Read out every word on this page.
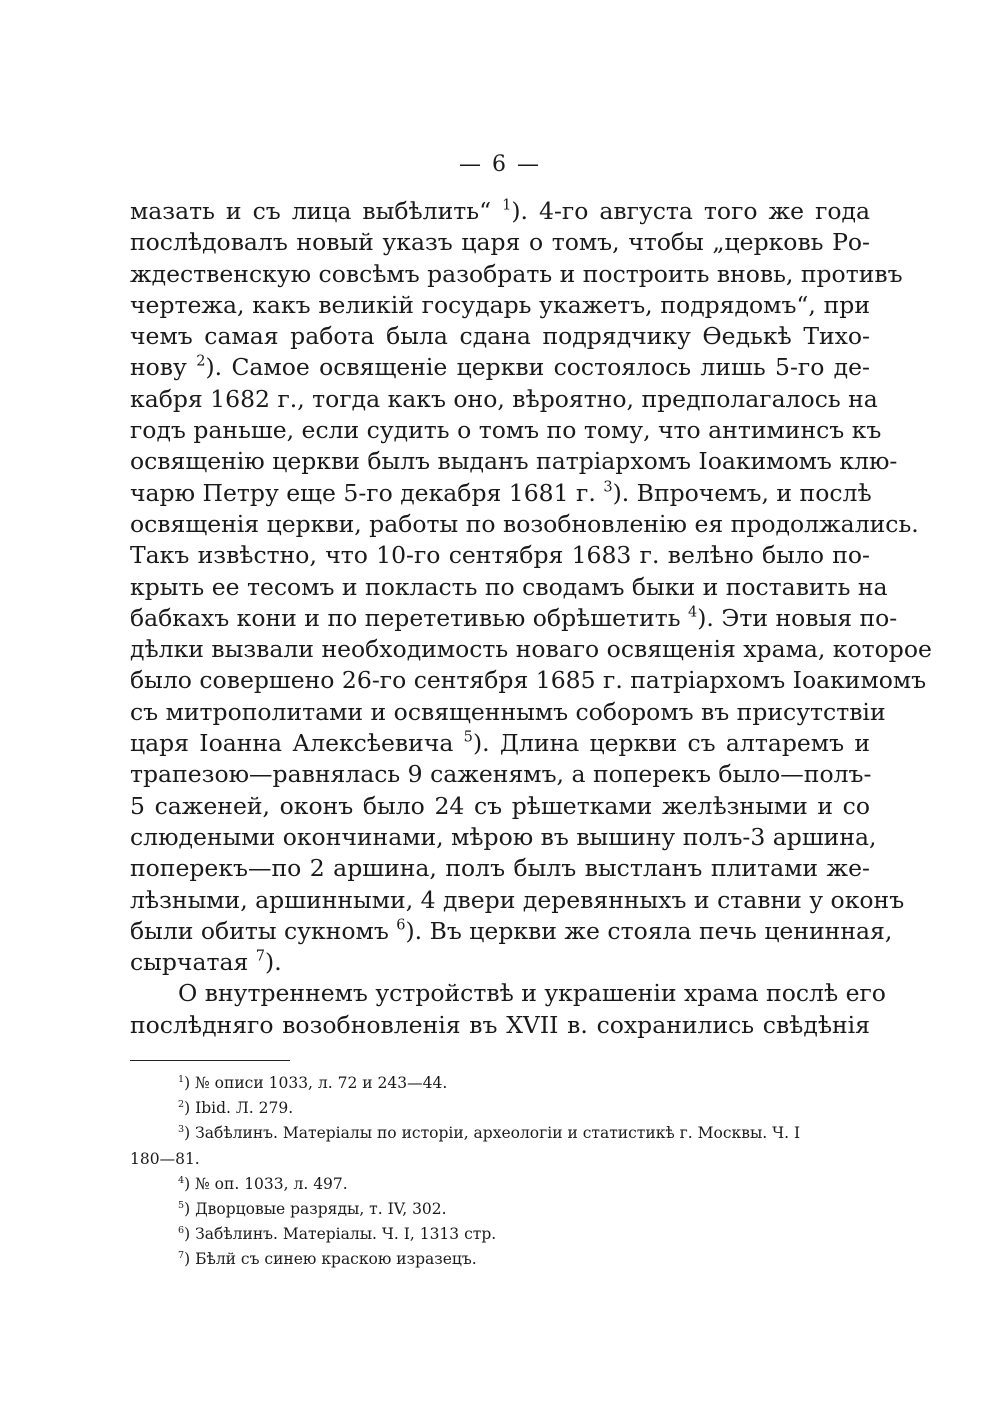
— 6 —
мазать и съ лица выбѣлить“ $^1$). 4-го августа того же года
послѣдовалъ новый указъ царя о томъ, чтобы „церковь Ро-
ждественскую совсѣмъ разобрать и построить вновь, противъ
чертежа, какъ великій государь укажетъ, подрядомъ“, при
чемъ самая работа была сдана подрядчику Ѳедькѣ Тихо-
нову $^2$). Самое освященіе церкви состоялось лишь 5-го де-
кабря 1682 г., тогда какъ оно, вѣроятно, предполагалось на
годъ раньше, если судить о томъ по тому, что антиминсъ къ
освященію церкви былъ выданъ патріархомъ Іоакимомъ клю-
чарю Петру еще 5-го декабря 1681 г. $^3$). Впрочемъ, и послѣ
освященія церкви, работы по возобновленію ея продолжались.
Такъ извѣстно, что 10-го сентября 1683 г. велѣно было по-
крыть ее тесомъ и покласть по сводамъ быки и поставить на
бабкахъ кони и по перететивью обрѣшетить $^4$). Эти новыя по-
дѣлки вызвали необходимость новаго освященія храма, которое
было совершено 26-го сентября 1685 г. патріархомъ Іоакимомъ
съ митрополитами и освященнымъ соборомъ въ присутствіи
царя Іоанна Алексѣевича $^5$). Длина церкви съ алтаремъ и
трапезою—равнялась 9 саженямъ, а поперекъ было—полъ-
5 саженей, оконъ было 24 съ рѣшетками желѣзными и со
слюдеными окончинами, мѣрою въ вышину полъ-3 аршина,
поперекъ—по 2 аршина, полъ былъ выстланъ плитами же-
лѣзными, аршинными, 4 двери деревянныхъ и ставни у оконъ
были обиты сукномъ $^6$). Въ церкви же стояла печь ценинная,
сырчатая $^7$).
О внутреннемъ устройствѣ и украшеніи храма послѣ его
послѣдняго возобновленія въ XVII в. сохранились свѣдѣнія
$^1$) № описи 1033, л. 72 и 243—44.
$^2$) Ibid. Л. 279.
$^3$) Забѣлинъ. Матеріалы по исторіи, археологіи и статистикѣ г. Москвы. Ч. I
180—81.
$^4$) № оп. 1033, л. 497.
$^5$) Дворцовые разряды, т. IV, 302.
$^6$) Забѣлинъ. Матеріалы. Ч. I, 1313 стр.
$^7$) Бѣлй съ синею краскою изразецъ.
